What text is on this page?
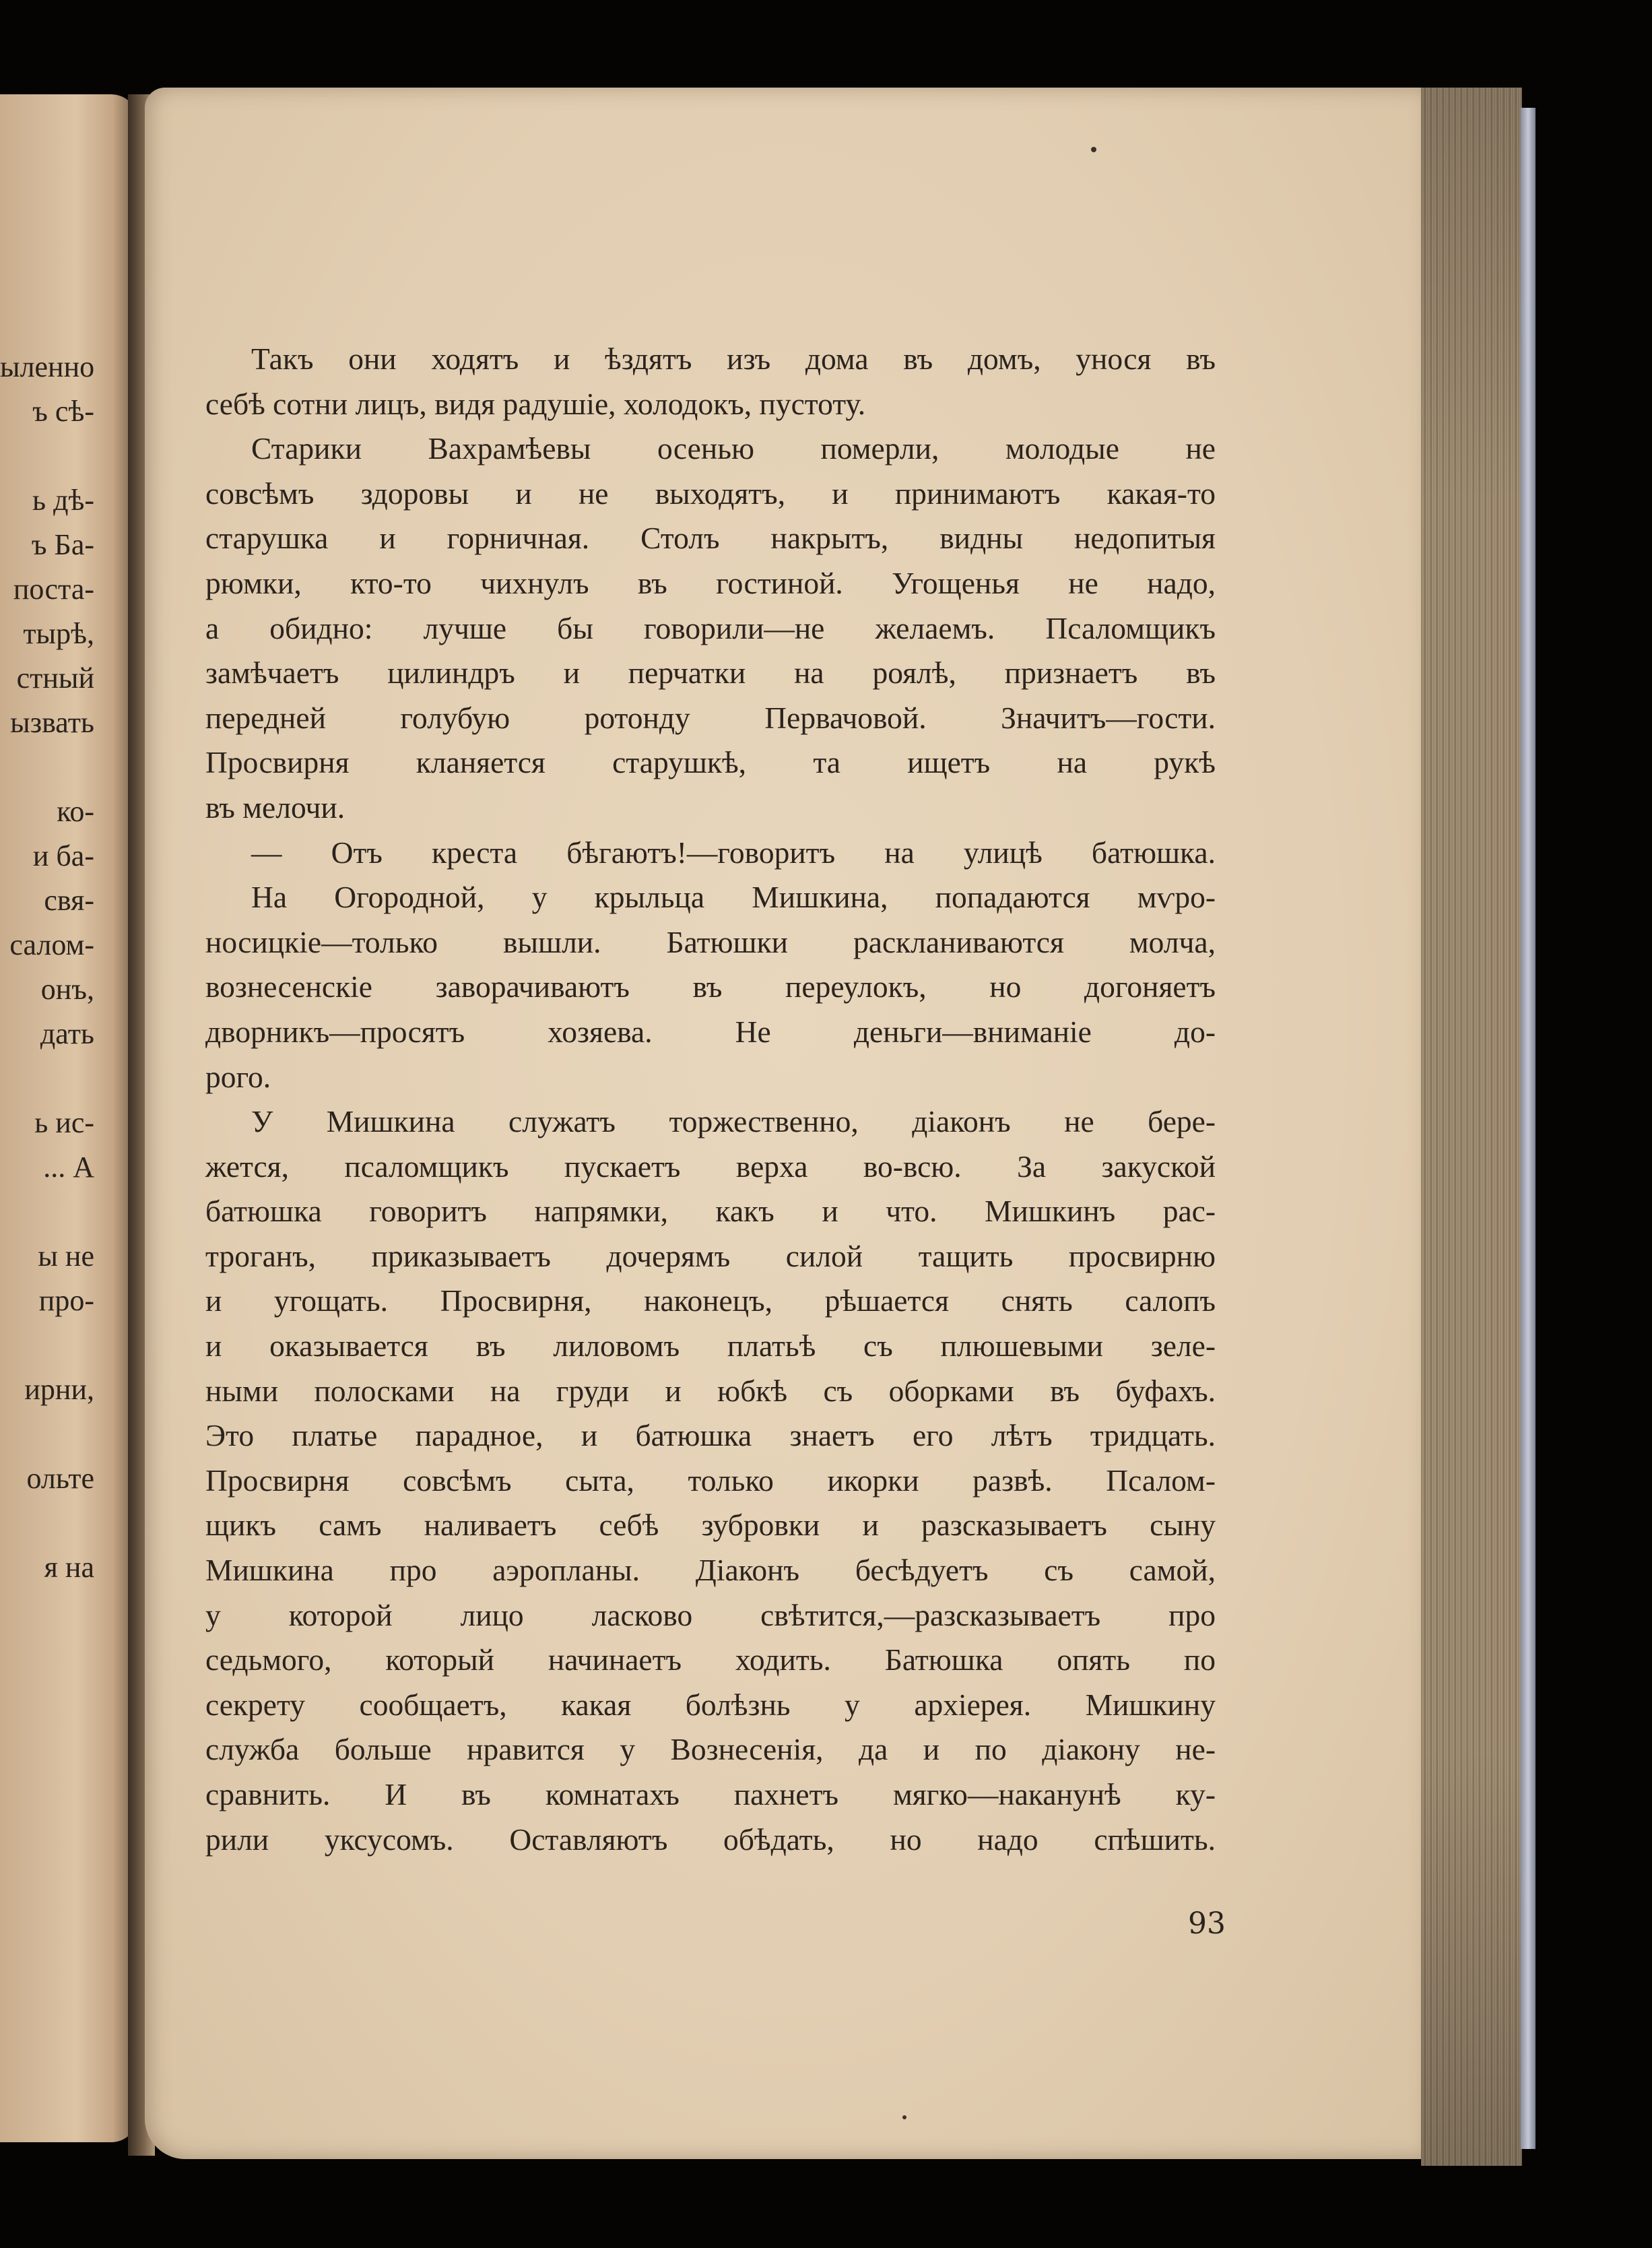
ыленно
ъ сѣ-
ь дѣ-
ъ Ба-
поста-
тырѣ,
стный
ызвать
ко-
и ба-
свя-
салом-
онъ,
дать
ь ис-
... А
ы не
про-
ирни,
ольте
я на
Такъ они ходятъ и ѣздятъ изъ дома въ домъ, унося въ
себѣ сотни лицъ, видя радушіе, холодокъ, пустоту.
Старики Вахрамѣевы осенью померли, молодые не
совсѣмъ здоровы и не выходятъ, и принимаютъ какая-то
старушка и горничная. Столъ накрытъ, видны недопитыя
рюмки, кто-то чихнулъ въ гостиной. Угощенья не надо,
а обидно: лучше бы говорили—не желаемъ. Псаломщикъ
замѣчаетъ цилиндръ и перчатки на роялѣ, признаетъ въ
передней голубую ротонду Первачовой. Значитъ—гости.
Просвирня кланяется старушкѣ, та ищетъ на рукѣ
въ мелочи.
— Отъ креста бѣгаютъ!—говоритъ на улицѣ батюшка.
На Огородной, у крыльца Мишкина, попадаются мѵро-
носицкіе—только вышли. Батюшки раскланиваются молча,
вознесенскіе заворачиваютъ въ переулокъ, но догоняетъ
дворникъ—просятъ хозяева. Не деньги—вниманіе до-
рого.
У Мишкина служатъ торжественно, діаконъ не бере-
жется, псаломщикъ пускаетъ верха во-всю. За закуской
батюшка говоритъ напрямки, какъ и что. Мишкинъ рас-
троганъ, приказываетъ дочерямъ силой тащить просвирню
и угощать. Просвирня, наконецъ, рѣшается снять салопъ
и оказывается въ лиловомъ платьѣ съ плюшевыми зеле-
ными полосками на груди и юбкѣ съ оборками въ буфахъ.
Это платье парадное, и батюшка знаетъ его лѣтъ тридцать.
Просвирня совсѣмъ сыта, только икорки развѣ. Псалом-
щикъ самъ наливаетъ себѣ зубровки и разсказываетъ сыну
Мишкина про аэропланы. Діаконъ бесѣдуетъ съ самой,
у которой лицо ласково свѣтится,—разсказываетъ про
седьмого, который начинаетъ ходить. Батюшка опять по
секрету сообщаетъ, какая болѣзнь у архіерея. Мишкину
служба больше нравится у Вознесенія, да и по діакону не-
сравнить. И въ комнатахъ пахнетъ мягко—наканунѣ ку-
рили уксусомъ. Оставляютъ обѣдать, но надо спѣшить.
93
